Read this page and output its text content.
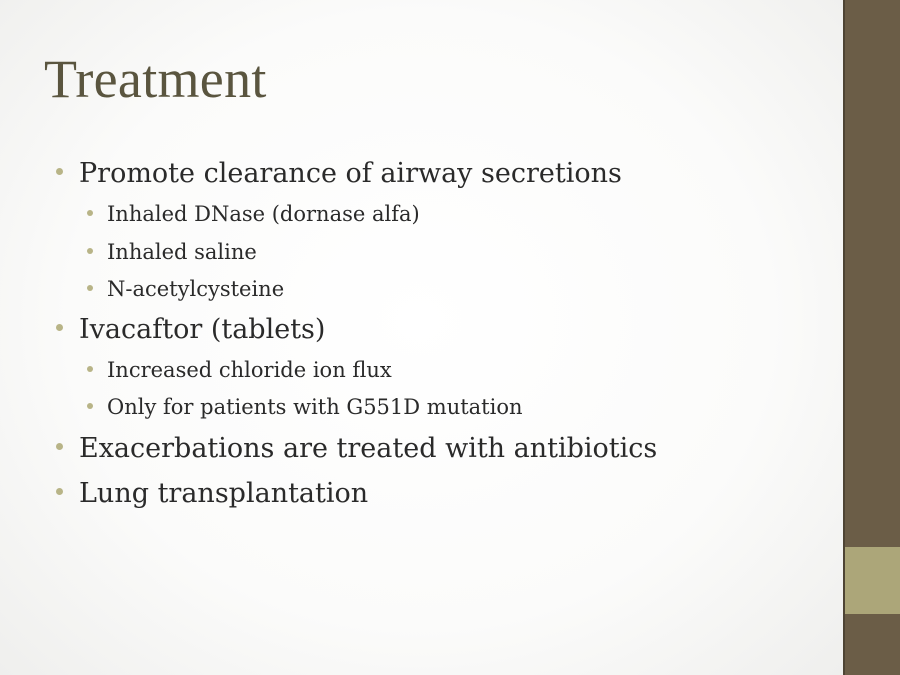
Treatment
Promote clearance of airway secretions
Inhaled DNase (dornase alfa)
Inhaled saline
N-acetylcysteine
Ivacaftor (tablets)
Increased chloride ion flux
Only for patients with G551D mutation
Exacerbations are treated with antibiotics
Lung transplantation
